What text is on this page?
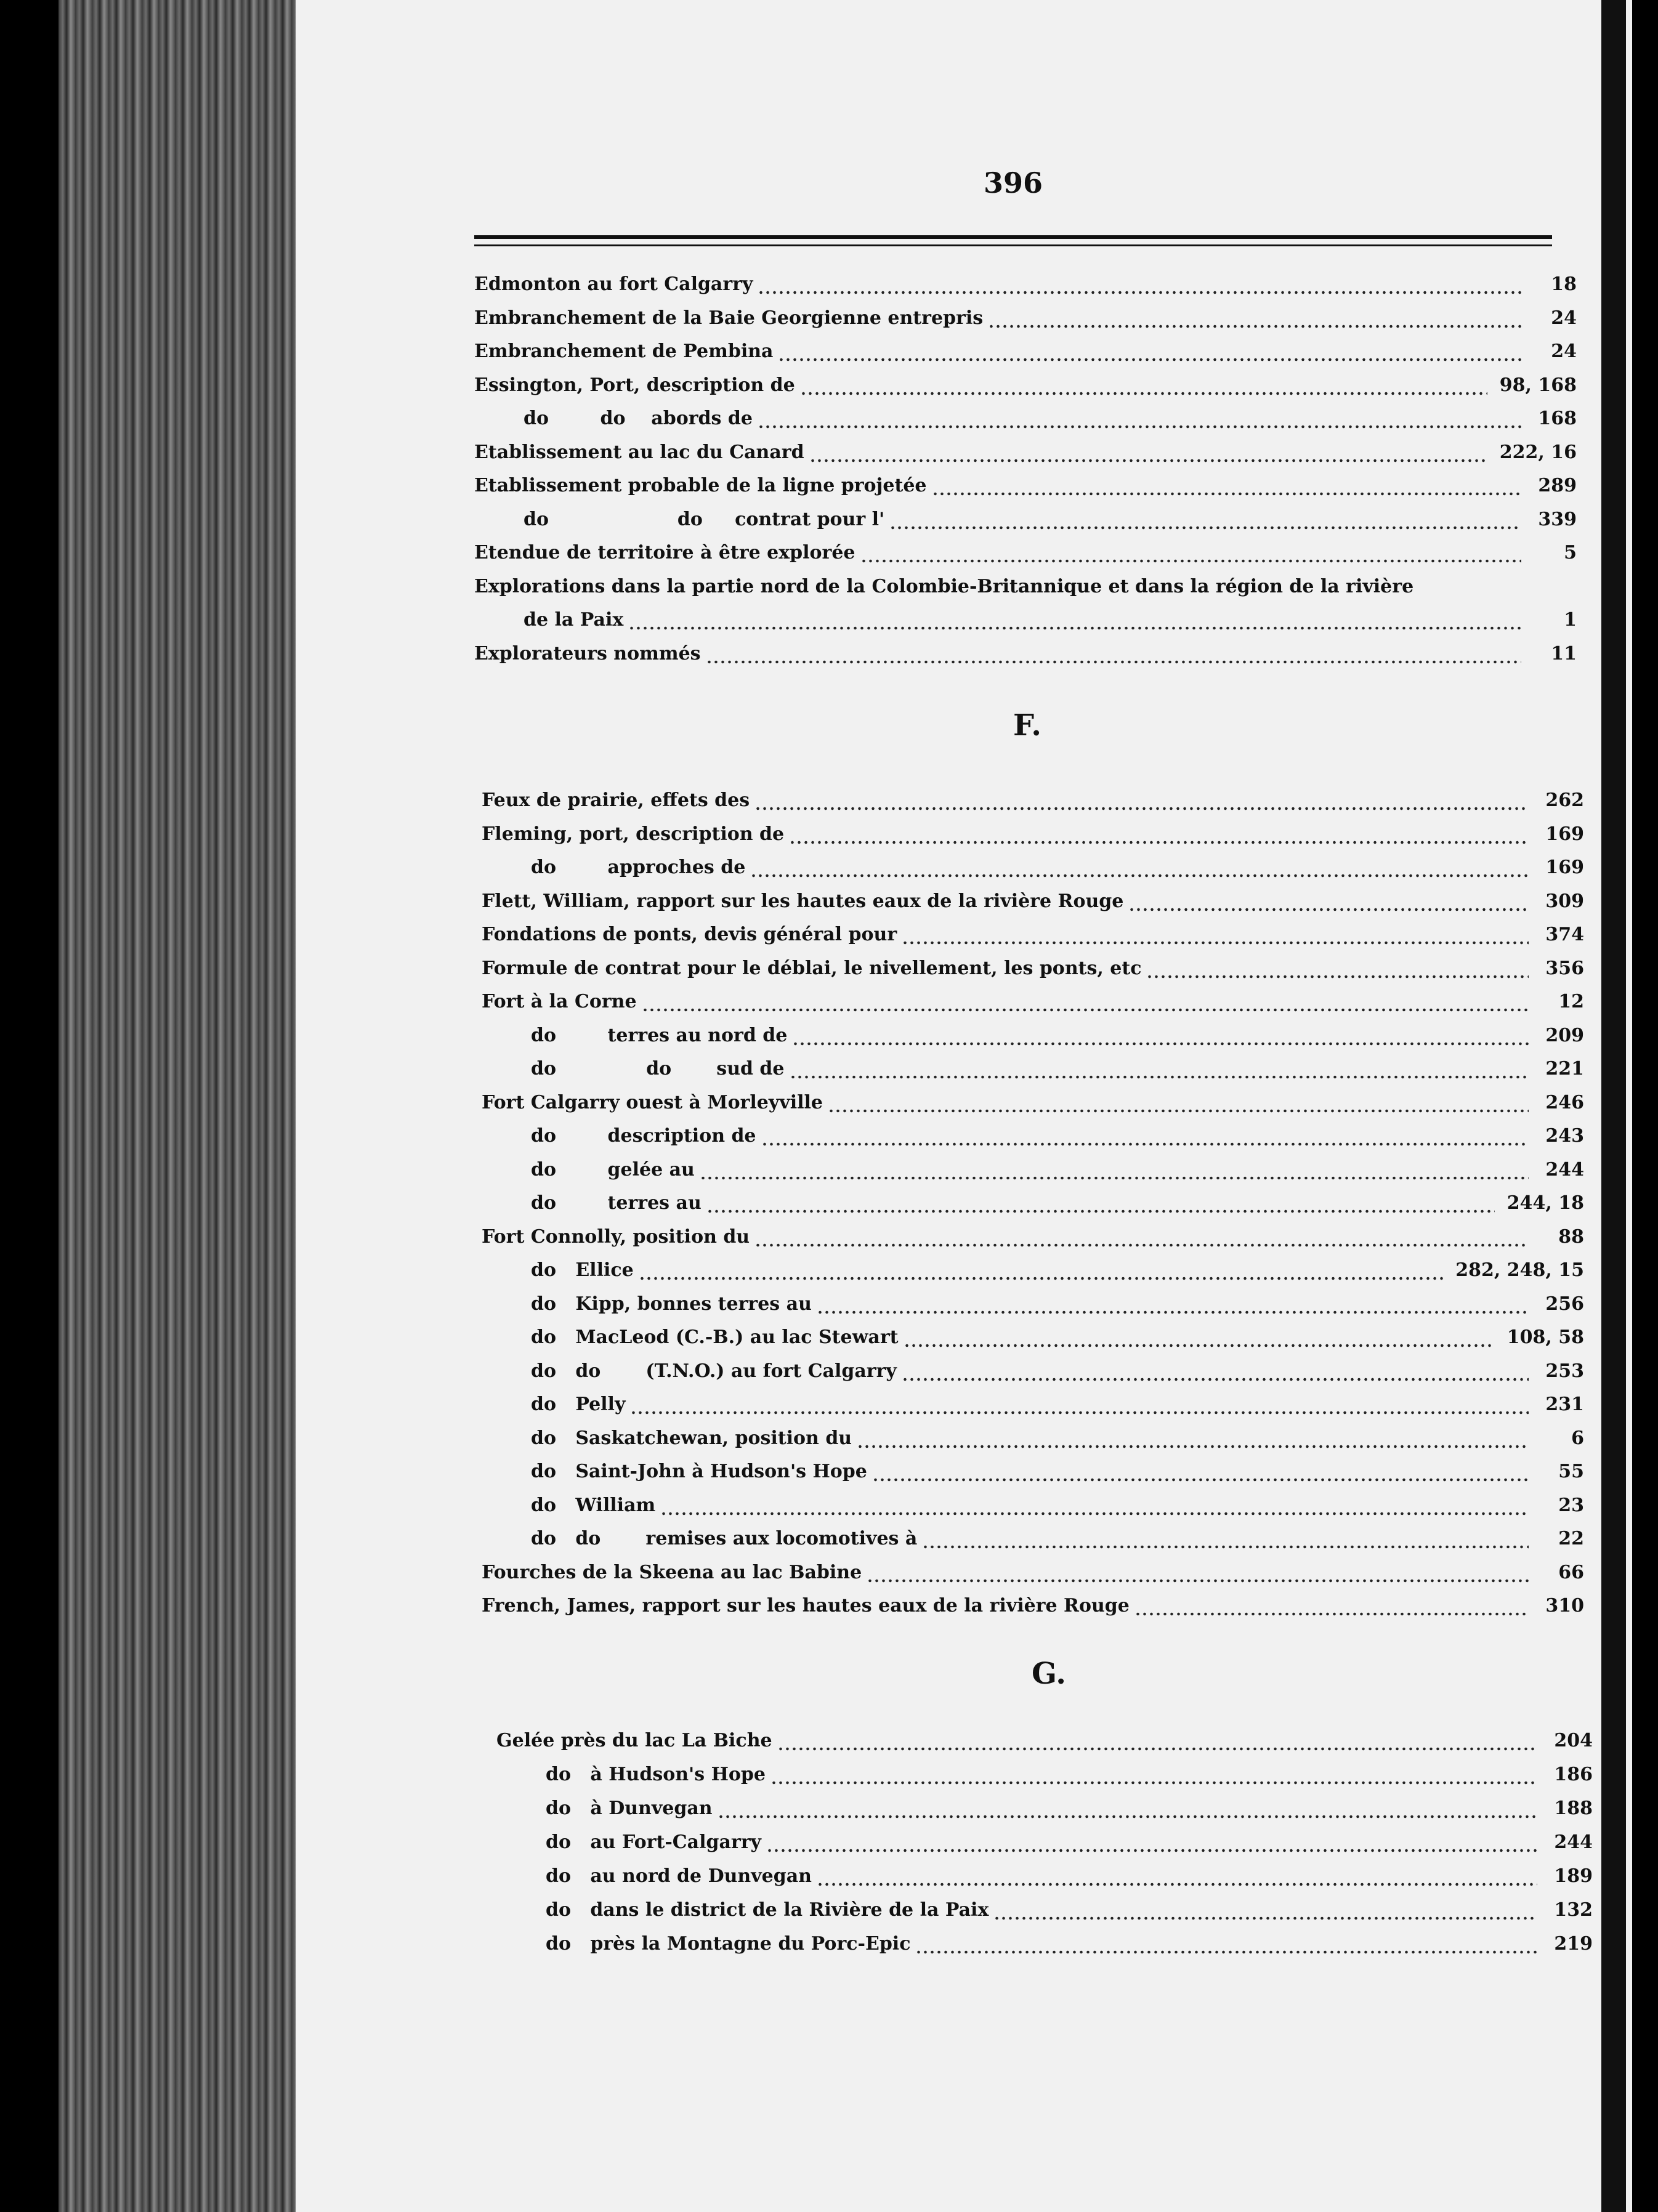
396
Edmonton au fort Calgarry	18
Embranchement de la Baie Georgienne entrepris	24
Embranchement de Pembina	24
Essington, Port, description de	98, 168
do        do    abords de	168
Etablissement au lac du Canard	222, 16
Etablissement probable de la ligne projetée	289
do                    do     contrat pour l'	339
Etendue de territoire à être explorée	5
Explorations dans la partie nord de la Colombie-Britannique et dans la région de la rivière
de la Paix	1
Explorateurs nommés	11
F.
Feux de prairie, effets des	262
Fleming, port, description de	169
do        approches de	169
Flett, William, rapport sur les hautes eaux de la rivière Rouge	309
Fondations de ponts, devis général pour	374
Formule de contrat pour le déblai, le nivellement, les ponts, etc	356
Fort à la Corne	12
do        terres au nord de	209
do              do       sud de	221
Fort Calgarry ouest à Morleyville	246
do        description de	243
do        gelée au	244
do        terres au	244, 18
Fort Connolly, position du	88
do   Ellice	282, 248, 15
do   Kipp, bonnes terres au	256
do   MacLeod (C.-B.) au lac Stewart	108, 58
do   do       (T.N.O.) au fort Calgarry	253
do   Pelly	231
do   Saskatchewan, position du	6
do   Saint-John à Hudson's Hope	55
do   William	23
do   do       remises aux locomotives à	22
Fourches de la Skeena au lac Babine	66
French, James, rapport sur les hautes eaux de la rivière Rouge	310
G.
Gelée près du lac La Biche	204
do   à Hudson's Hope	186
do   à Dunvegan	188
do   au Fort-Calgarry	244
do   au nord de Dunvegan	189
do   dans le district de la Rivière de la Paix	132
do   près la Montagne du Porc-Epic	219
